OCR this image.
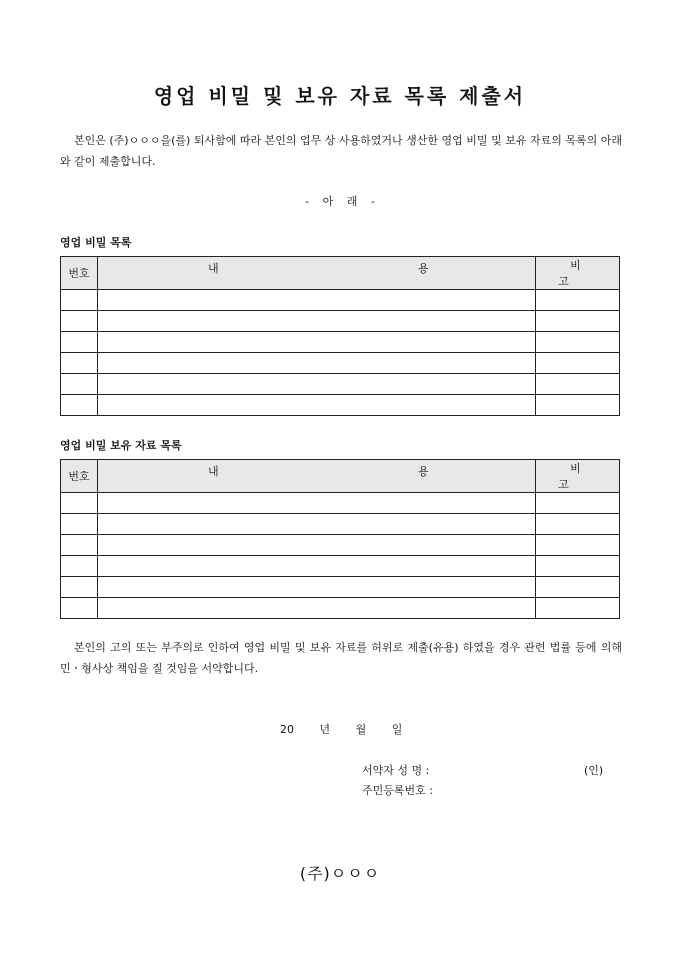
영업 비밀 및 보유 자료 목록 제출서
본인은 (주)ㅇㅇㅇ을(를) 퇴사함에 따라 본인의 업무 상 사용하였거나 생산한 영업 비밀 및 보유 자료의 목록의 아래와 같이 제출합니다.
- 아 래 -
영업 비밀 목록
번호	내 용	비고

영업 비밀 보유 자료 목록
번호	내 용	비고

본인의 고의 또는 부주의로 인하여 영업 비밀 및 보유 자료를 허위로 제출(유용) 하였을 경우 관련 법률 등에 의해 민ㆍ형사상 책임을 질 것임을 서약합니다.
20 년 월 일
서약자 성 명 :	(인)
주민등록번호 :
(주)ㅇㅇㅇ
